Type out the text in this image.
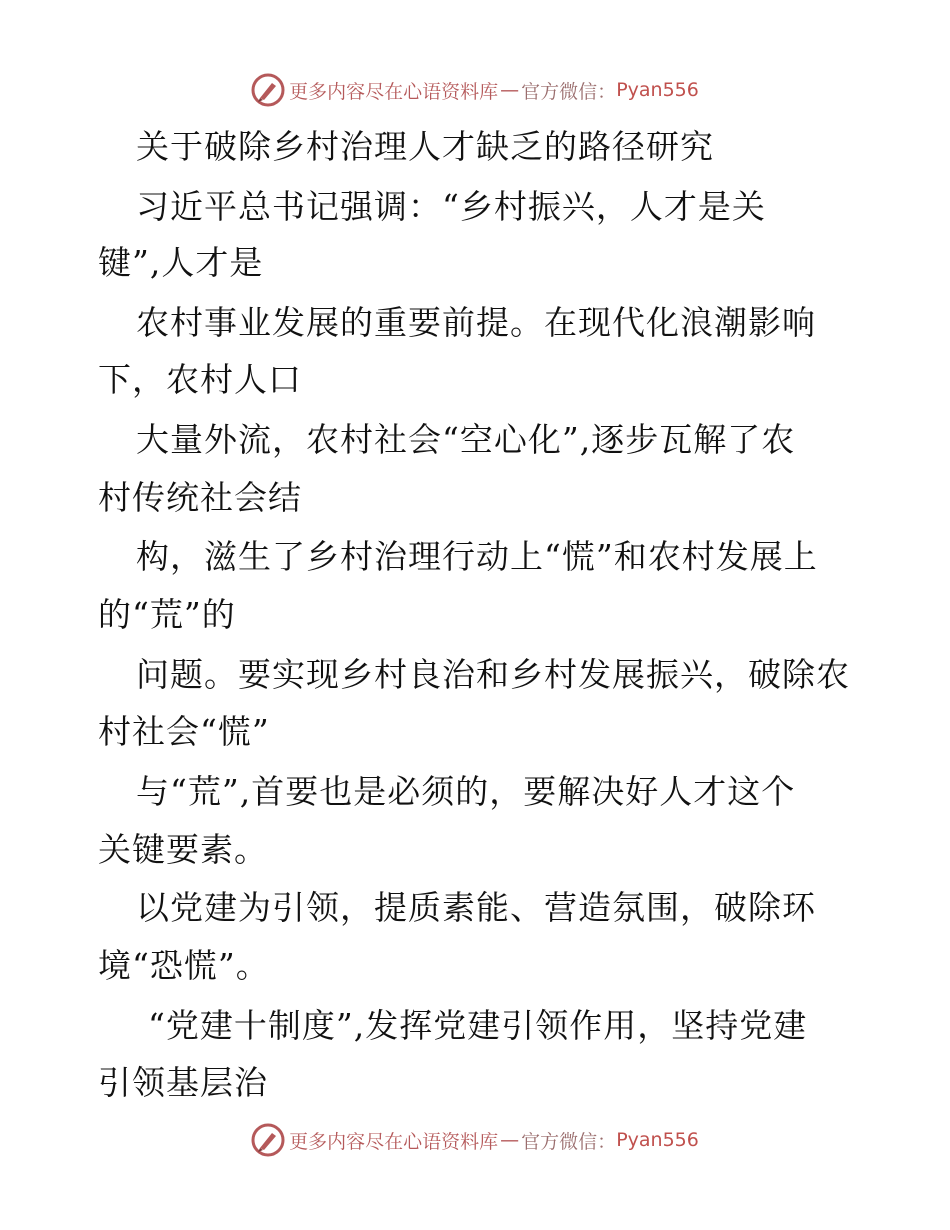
更多内容尽在心语资料库 — 官方微信： Pyan556
关于破除乡村治理人才缺乏的路径研究
习近平总书记强调：“乡村振兴，人才是关
键”,人才是
农村事业发展的重要前提。在现代化浪潮影响
下，农村人口
大量外流，农村社会“空心化”,逐步瓦解了农
村传统社会结
构，滋生了乡村治理行动上“慌”和农村发展上
的“荒”的
问题。要实现乡村良治和乡村发展振兴，破除农
村社会“慌”
与“荒”,首要也是必须的，要解决好人才这个
关键要素。
以党建为引领，提质素能、营造氛围，破除环
境“恐慌”。
“党建十制度”,发挥党建引领作用，坚持党建
引领基层治
更多内容尽在心语资料库 — 官方微信： Pyan556
